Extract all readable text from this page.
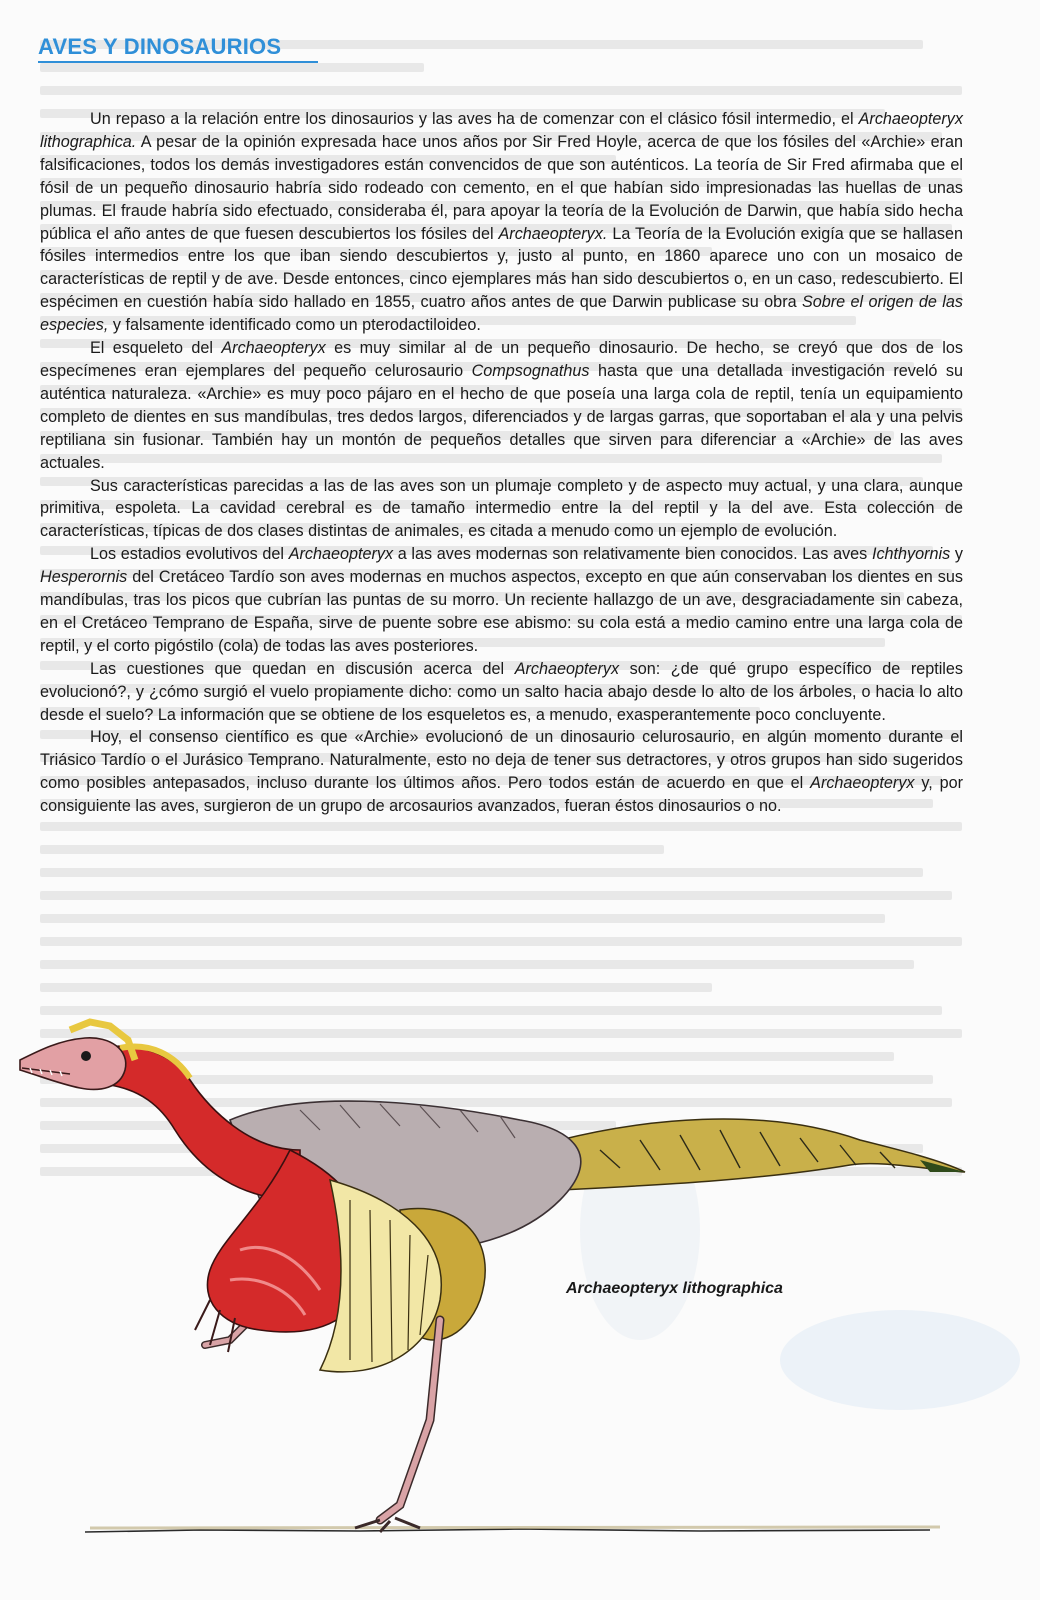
AVES Y DINOSAURIOS

Un repaso a la relación entre los dinosaurios y las aves ha de comenzar con el clásico fósil intermedio, el Archaeopteryx lithographica. A pesar de la opinión expresada hace unos años por Sir Fred Hoyle, acerca de que los fósiles del «Archie» eran falsificaciones, todos los demás investigadores están convencidos de que son auténticos. La teoría de Sir Fred afirmaba que el fósil de un pequeño dinosaurio habría sido rodeado con cemento, en el que habían sido impresionadas las huellas de unas plumas. El fraude habría sido efectuado, consideraba él, para apoyar la teoría de la Evolución de Darwin, que había sido hecha pública el año antes de que fuesen descubiertos los fósiles del Archaeopteryx. La Teoría de la Evolución exigía que se hallasen fósiles intermedios entre los que iban siendo descubiertos y, justo al punto, en 1860 aparece uno con un mosaico de características de reptil y de ave. Desde entonces, cinco ejemplares más han sido descubiertos o, en un caso, redescubierto. El espécimen en cuestión había sido hallado en 1855, cuatro años antes de que Darwin publicase su obra Sobre el origen de las especies, y falsamente identificado como un pterodactiloideo.

El esqueleto del Archaeopteryx es muy similar al de un pequeño dinosaurio. De hecho, se creyó que dos de los especímenes eran ejemplares del pequeño celurosaurio Compsognathus hasta que una detallada investigación reveló su auténtica naturaleza. «Archie» es muy poco pájaro en el hecho de que poseía una larga cola de reptil, tenía un equipamiento completo de dientes en sus mandíbulas, tres dedos largos, diferenciados y de largas garras, que soportaban el ala y una pelvis reptiliana sin fusionar. También hay un montón de pequeños detalles que sirven para diferenciar a «Archie» de las aves actuales.

Sus características parecidas a las de las aves son un plumaje completo y de aspecto muy actual, y una clara, aunque primitiva, espoleta. La cavidad cerebral es de tamaño intermedio entre la del reptil y la del ave. Esta colección de características, típicas de dos clases distintas de animales, es citada a menudo como un ejemplo de evolución.

Los estadios evolutivos del Archaeopteryx a las aves modernas son relativamente bien conocidos. Las aves Ichthyornis y Hesperornis del Cretáceo Tardío son aves modernas en muchos aspectos, excepto en que aún conservaban los dientes en sus mandíbulas, tras los picos que cubrían las puntas de su morro. Un reciente hallazgo de un ave, desgraciadamente sin cabeza, en el Cretáceo Temprano de España, sirve de puente sobre ese abismo: su cola está a medio camino entre una larga cola de reptil, y el corto pigóstilo (cola) de todas las aves posteriores.

Las cuestiones que quedan en discusión acerca del Archaeopteryx son: ¿de qué grupo específico de reptiles evolucionó?, y ¿cómo surgió el vuelo propiamente dicho: como un salto hacia abajo desde lo alto de los árboles, o hacia lo alto desde el suelo? La información que se obtiene de los esqueletos es, a menudo, exasperantemente poco concluyente.

Hoy, el consenso científico es que «Archie» evolucionó de un dinosaurio celurosaurio, en algún momento durante el Triásico Tardío o el Jurásico Temprano. Naturalmente, esto no deja de tener sus detractores, y otros grupos han sido sugeridos como posibles antepasados, incluso durante los últimos años. Pero todos están de acuerdo en que el Archaeopteryx y, por consiguiente las aves, surgieron de un grupo de arcosaurios avanzados, fueran éstos dinosaurios o no.

Archaeopteryx lithographica
